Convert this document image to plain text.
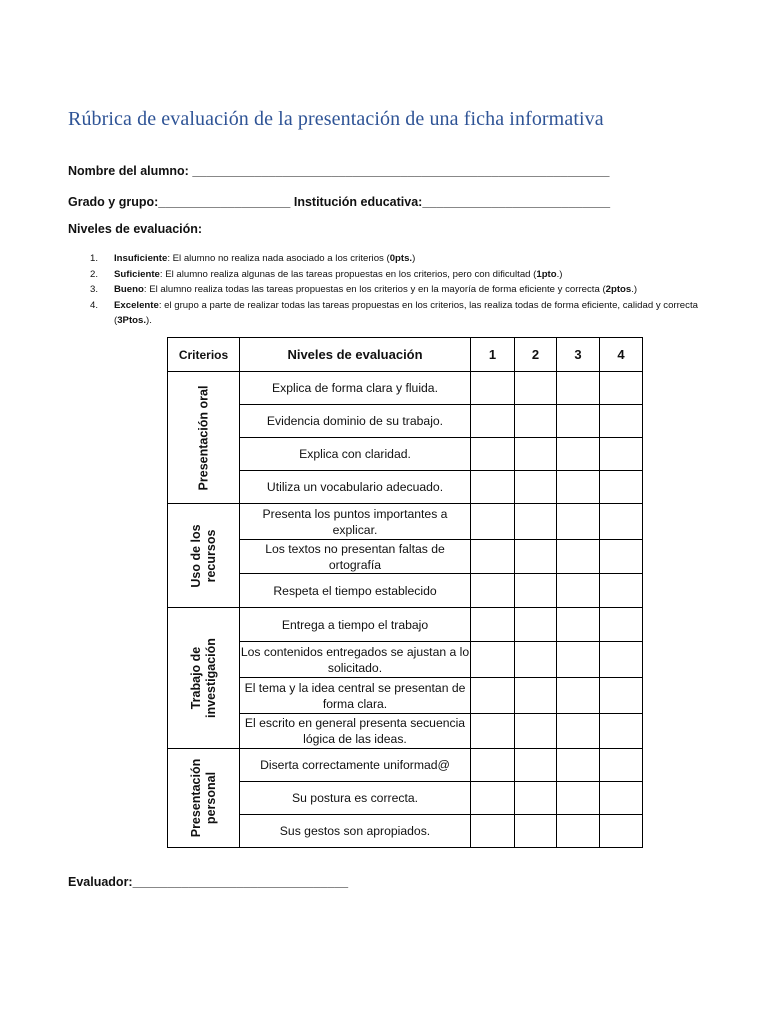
Rúbrica de evaluación de la presentación de una ficha informativa
Nombre del alumno: ____________________________________________________________
Grado y grupo:___________________ Institución educativa:___________________________
Niveles de evaluación:
1. Insuficiente: El alumno no realiza nada asociado a los criterios (0pts.)
2. Suficiente: El alumno realiza algunas de las tareas propuestas en los criterios, pero con dificultad (1pto.)
3. Bueno: El alumno realiza todas las tareas propuestas en los criterios y en la mayoría de forma eficiente y correcta (2ptos.)
4. Excelente: el grupo a parte de realizar todas las tareas propuestas en los criterios, las realiza todas de forma eficiente, calidad y correcta (3Ptos.).
Criterios	Niveles de evaluación	1	2	3	4

Presentación oral	Explica de forma clara y fluida.				
	Evidencia dominio de su trabajo.				
	Explica con claridad.				
	Utiliza un vocabulario adecuado.				

Uso de los recursos	Presenta los puntos importantes a explicar.				
	Los textos no presentan faltas de ortografía				
	Respeta el tiempo establecido				

Trabajo de investigación	Entrega a tiempo el trabajo				
	Los contenidos entregados se ajustan a lo solicitado.				
	El tema y la idea central se presentan de forma clara.				
	El escrito en general presenta secuencia lógica de las ideas.				

Presentación personal	Diserta correctamente uniformad@				
	Su postura es correcta.				
	Sus gestos son apropiados.				
Evaluador:_______________________________
